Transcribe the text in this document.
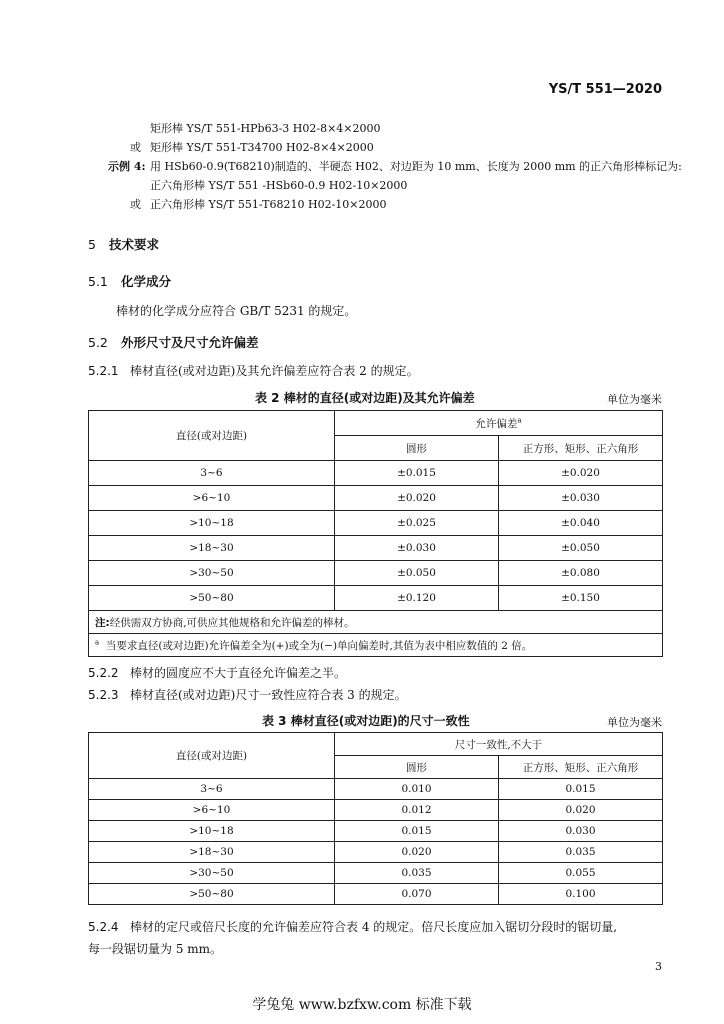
YS/T 551—2020
矩形棒 YS/T 551-HPb63-3 H02-8×4×2000
或 矩形棒 YS/T 551-T34700 H02-8×4×2000
示例 4: 用 HSb60-0.9(T68210)制造的、半硬态 H02、对边距为 10 mm、长度为 2000 mm 的正六角形棒标记为:
正六角形棒 YS/T 551 -HSb60-0.9 H02-10×2000
或 正六角形棒 YS/T 551-T68210 H02-10×2000
5 技术要求
5.1 化学成分
棒材的化学成分应符合 GB/T 5231 的规定。
5.2 外形尺寸及尺寸允许偏差
5.2.1 棒材直径(或对边距)及其允许偏差应符合表 2 的规定。
表 2 棒材的直径(或对边距)及其允许偏差	单位为毫米
直径(或对边距)	允许偏差$^a$
	圆形	正方形、矩形、正六角形
3~6	±0.015	±0.020
>6~10	±0.020	±0.030
>10~18	±0.025	±0.040
>18~30	±0.030	±0.050
>30~50	±0.050	±0.080
>50~80	±0.120	±0.150
注:经供需双方协商,可供应其他规格和允许偏差的棒材。		
$^a$ 当要求直径(或对边距)允许偏差全为(+)或全为(−)单向偏差时,其值为表中相应数值的 2 倍。		
5.2.2 棒材的圆度应不大于直径允许偏差之半。
5.2.3 棒材直径(或对边距)尺寸一致性应符合表 3 的规定。
表 3 棒材直径(或对边距)的尺寸一致性	单位为毫米
直径(或对边距)	尺寸一致性,不大于	
	圆形	正方形、矩形、正六角形
3~6	0.010	0.015
>6~10	0.012	0.020
>10~18	0.015	0.030
>18~30	0.020	0.035
>30~50	0.035	0.055
>50~80	0.070	0.100
5.2.4 棒材的定尺或倍尺长度的允许偏差应符合表 4 的规定。倍尺长度应加入锯切分段时的锯切量,
每一段锯切量为 5 mm。
3
学兔兔 www.bzfxw.com 标准下载
